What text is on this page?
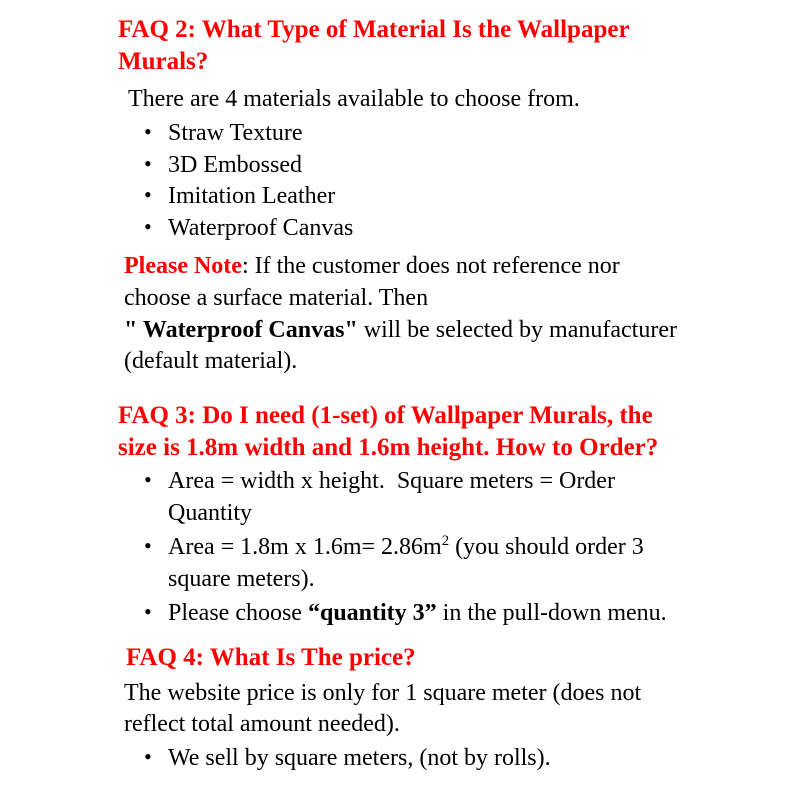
FAQ 2: What Type of Material Is the Wallpaper Murals?

There are 4 materials available to choose from.

• Straw Texture
• 3D Embossed
• Imitation Leather
• Waterproof Canvas

Please Note: If the customer does not reference nor choose a surface material. Then
" Waterproof Canvas" will be selected by manufacturer (default material).

FAQ 3: Do I need (1-set) of Wallpaper Murals, the size is 1.8m width and 1.6m height. How to Order?
• Area = width x height. Square meters = Order Quantity
• Area = 1.8m x $1.6m= 2.86m^2$ (you should order 3 square meters).
• Please choose “quantity 3” in the pull-down menu.
FAQ 4: What Is The price?

The website price is only for 1 square meter (does not reflect total amount needed).

• We sell by square meters, (not by rolls).
